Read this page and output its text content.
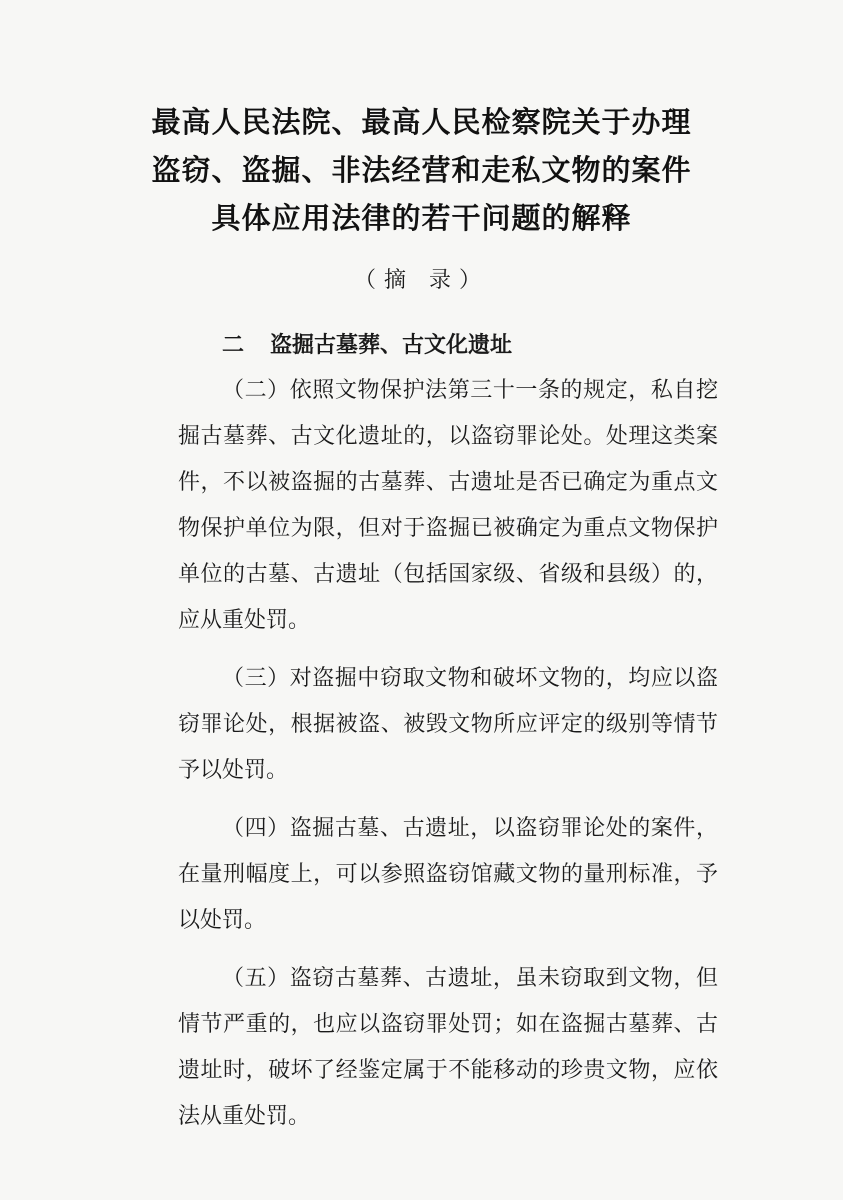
最高人民法院、最高人民检察院关于办理
盗窃、盗掘、非法经营和走私文物的案件
具体应用法律的若干问题的解释
（摘 录）
二 盗掘古墓葬、古文化遗址

（二）依照文物保护法第三十一条的规定，私自挖掘古墓葬、古文化遗址的，以盗窃罪论处。处理这类案件，不以被盗掘的古墓葬、古遗址是否已确定为重点文物保护单位为限，但对于盗掘已被确定为重点文物保护单位的古墓、古遗址（包括国家级、省级和县级）的，应从重处罚。

（三）对盗掘中窃取文物和破坏文物的，均应以盗窃罪论处，根据被盗、被毁文物所应评定的级别等情节予以处罚。

（四）盗掘古墓、古遗址，以盗窃罪论处的案件，在量刑幅度上，可以参照盗窃馆藏文物的量刑标准，予以处罚。

（五）盗窃古墓葬、古遗址，虽未窃取到文物，但情节严重的，也应以盗窃罪处罚；如在盗掘古墓葬、古遗址时，破坏了经鉴定属于不能移动的珍贵文物，应依法从重处罚。
